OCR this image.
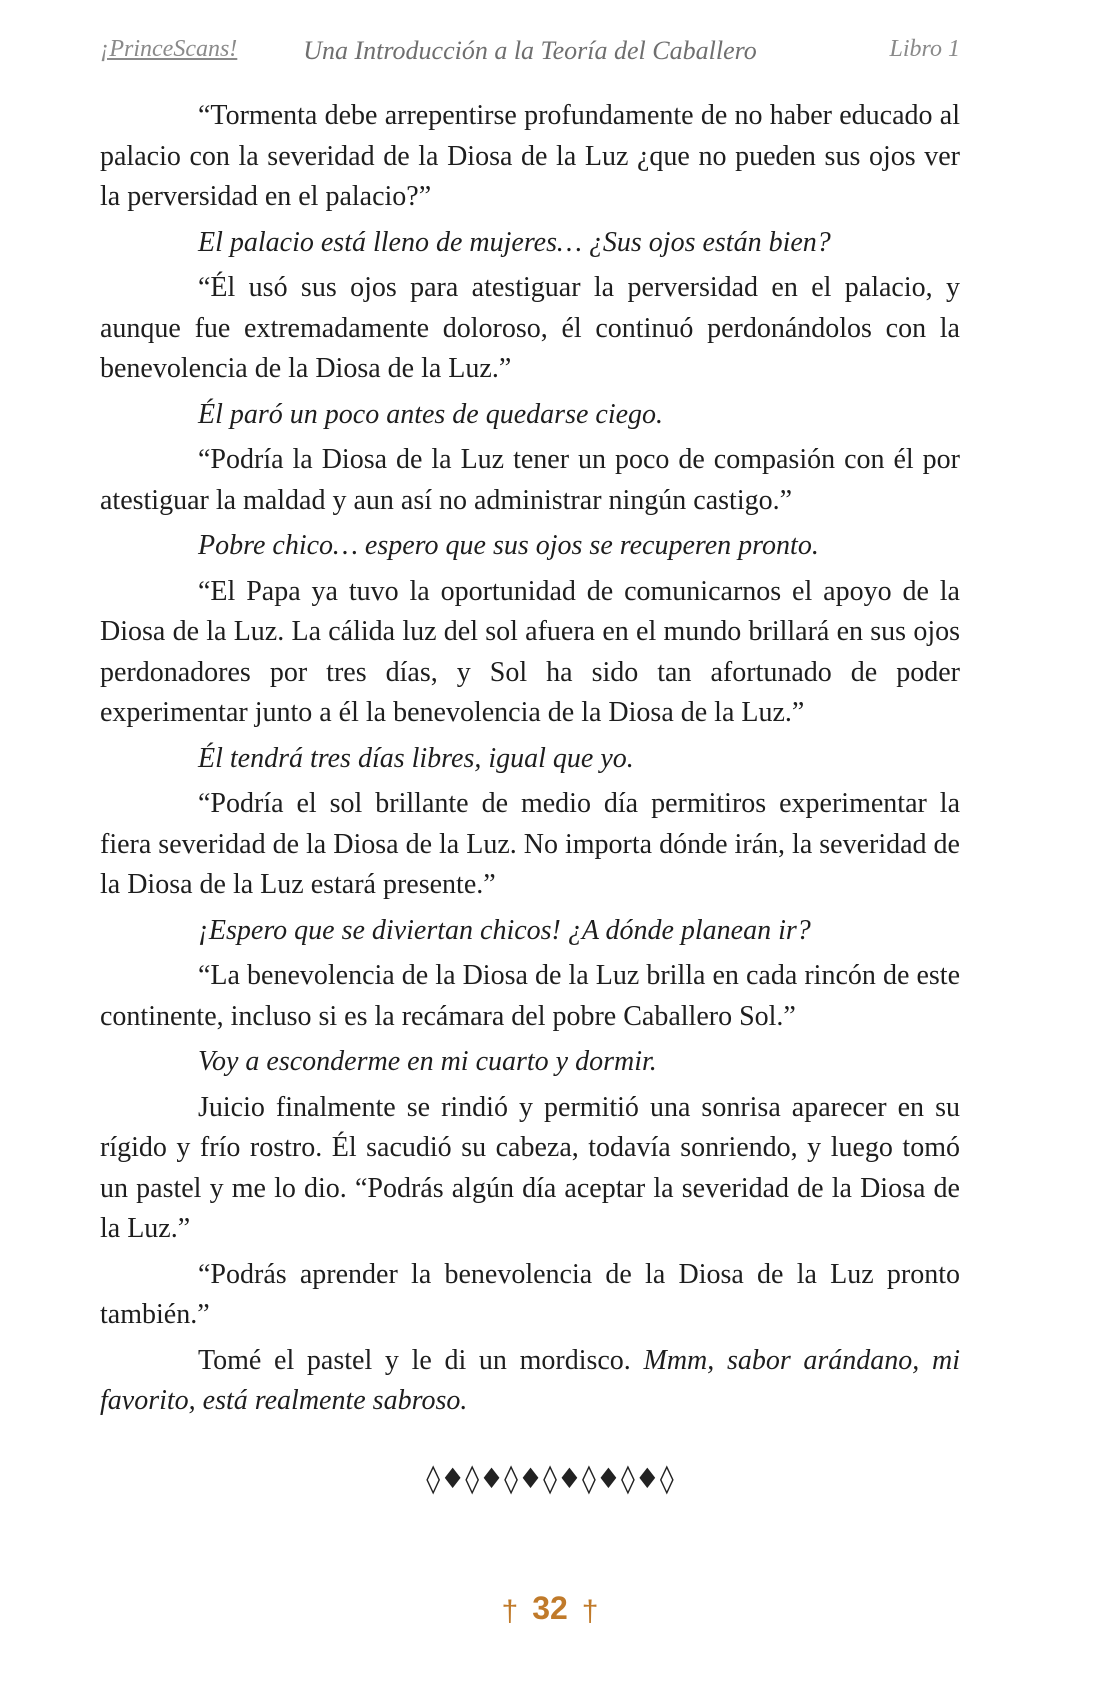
¡PrinceScans!	Una Introducción a la Teoría del Caballero	Libro 1

“Tormenta debe arrepentirse profundamente de no haber educado al palacio con la severidad de la Diosa de la Luz ¿que no pueden sus ojos ver la perversidad en el palacio?”

El palacio está lleno de mujeres… ¿Sus ojos están bien?

“Él usó sus ojos para atestiguar la perversidad en el palacio, y aunque fue extremadamente doloroso, él continuó perdonándolos con la benevolencia de la Diosa de la Luz.”

Él paró un poco antes de quedarse ciego.

“Podría la Diosa de la Luz tener un poco de compasión con él por atestiguar la maldad y aun así no administrar ningún castigo.”

Pobre chico… espero que sus ojos se recuperen pronto.

“El Papa ya tuvo la oportunidad de comunicarnos el apoyo de la Diosa de la Luz. La cálida luz del sol afuera en el mundo brillará en sus ojos perdonadores por tres días, y Sol ha sido tan afortunado de poder experimentar junto a él la benevolencia de la Diosa de la Luz.”

Él tendrá tres días libres, igual que yo.

“Podría el sol brillante de medio día permitiros experimentar la fiera severidad de la Diosa de la Luz. No importa dónde irán, la severidad de la Diosa de la Luz estará presente.”

¡Espero que se diviertan chicos! ¿A dónde planean ir?

“La benevolencia de la Diosa de la Luz brilla en cada rincón de este continente, incluso si es la recámara del pobre Caballero Sol.”

Voy a esconderme en mi cuarto y dormir.

Juicio finalmente se rindió y permitió una sonrisa aparecer en su rígido y frío rostro. Él sacudió su cabeza, todavía sonriendo, y luego tomó un pastel y me lo dio. “Podrás algún día aceptar la severidad de la Diosa de la Luz.”

“Podrás aprender la benevolencia de la Diosa de la Luz pronto también.”

Tomé el pastel y le di un mordisco. Mmm, sabor arándano, mi favorito, está realmente sabroso.

◊♦◊♦◊♦◊♦◊♦◊♦◊
† 32 †
